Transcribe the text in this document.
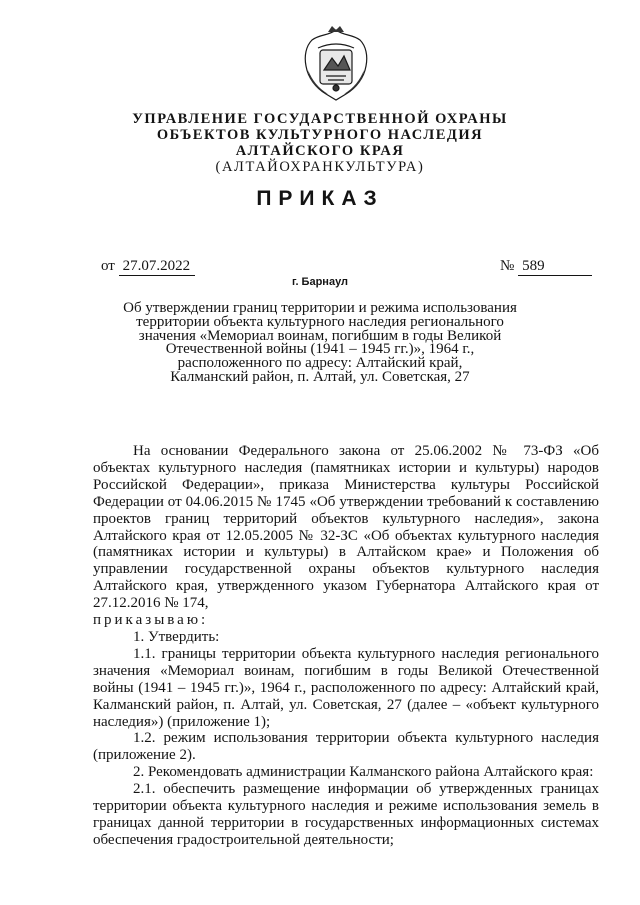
УПРАВЛЕНИЕ ГОСУДАРСТВЕННОЙ ОХРАНЫ
ОБЪЕКТОВ КУЛЬТУРНОГО НАСЛЕДИЯ
АЛТАЙСКОГО КРАЯ
(АЛТАЙОХРАНКУЛЬТУРА)
ПРИКАЗ
от 27.07.2022	№ 589
г. Барнаул
Об утверждении границ территории и режима использования
территории объекта культурного наследия регионального
значения «Мемориал воинам, погибшим в годы Великой
Отечественной войны (1941 – 1945 гг.)», 1964 г.,
расположенного по адресу: Алтайский край,
Калманский район, п. Алтай, ул. Советская, 27

На основании Федерального закона от 25.06.2002 № 73-ФЗ «Об объектах культурного наследия (памятниках истории и культуры) народов Российской Федерации», приказа Министерства культуры Российской Федерации от 04.06.2015 № 1745 «Об утверждении требований к составлению проектов границ территорий объектов культурного наследия», закона Алтайского края от 12.05.2005 № 32-ЗС «Об объектах культурного наследия (памятниках истории и культуры) в Алтайском крае» и Положения об управлении государственной охраны объектов культурного наследия Алтайского края, утвержденного указом Губернатора Алтайского края от 27.12.2016 № 174,

приказываю:

1. Утвердить:

1.1. границы территории объекта культурного наследия регионального значения «Мемориал воинам, погибшим в годы Великой Отечественной войны (1941 – 1945 гг.)», 1964 г., расположенного по адресу: Алтайский край, Калманский район, п. Алтай, ул. Советская, 27 (далее – «объект культурного наследия») (приложение 1);

1.2. режим использования территории объекта культурного наследия (приложение 2).

2. Рекомендовать администрации Калманского района Алтайского края:

2.1. обеспечить размещение информации об утвержденных границах территории объекта культурного наследия и режиме использования земель в границах данной территории в государственных информационных системах обеспечения градостроительной деятельности;
